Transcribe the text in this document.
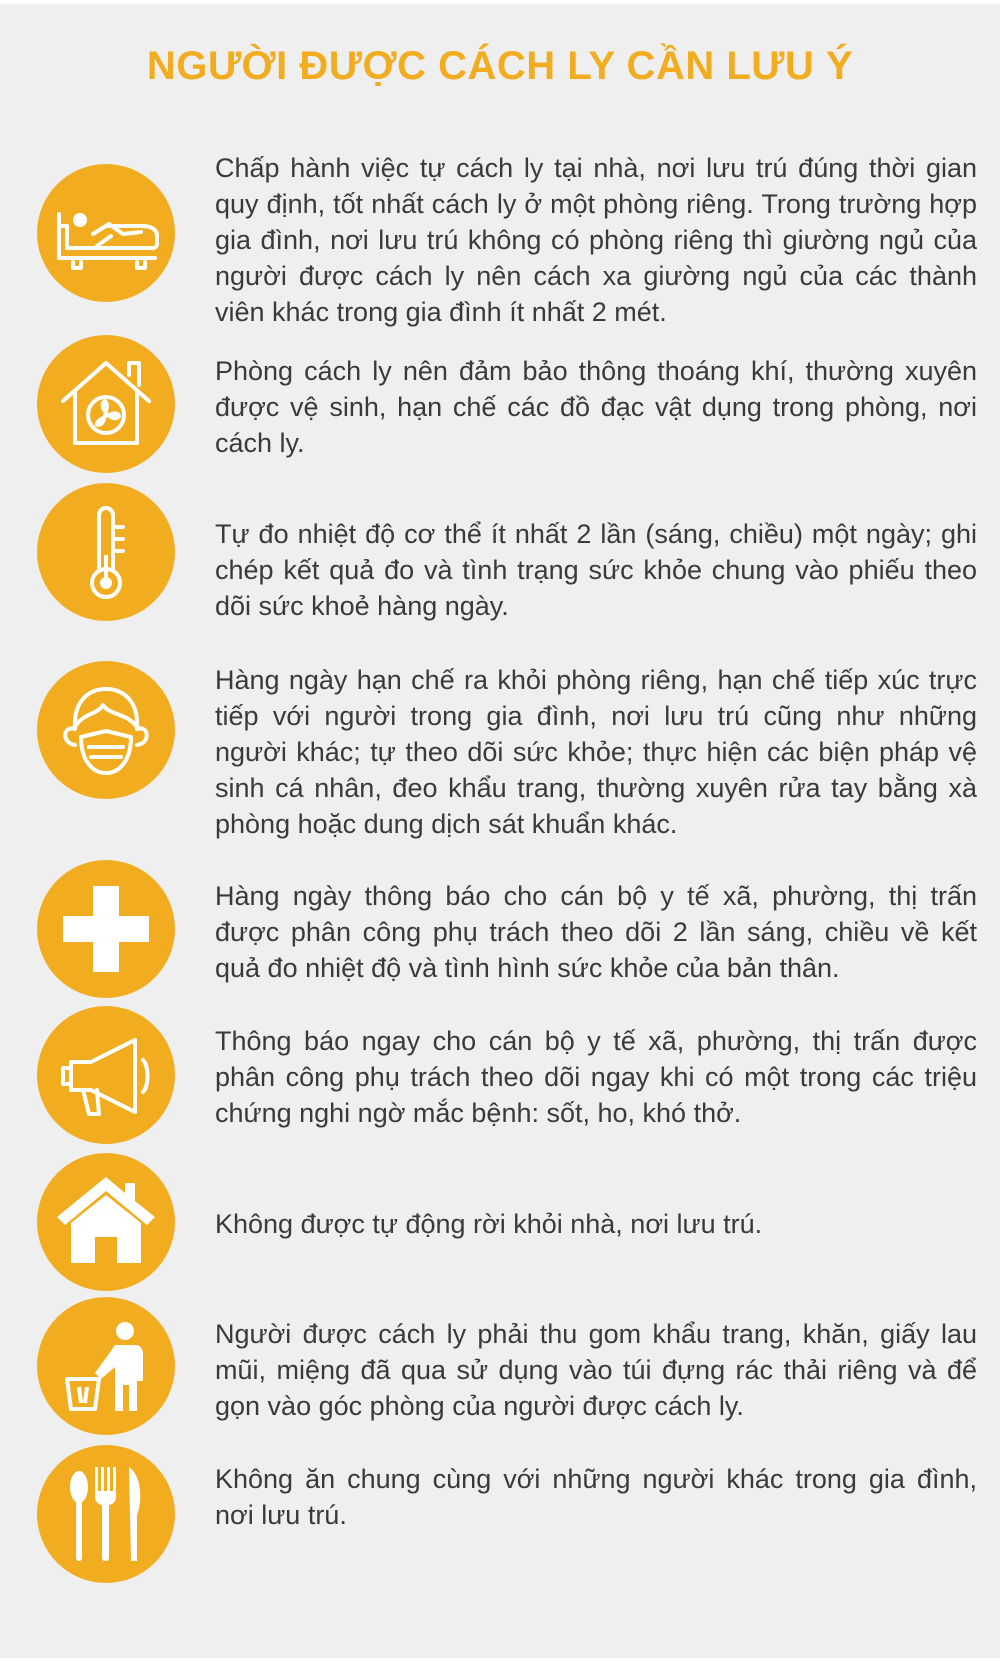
NGƯỜI ĐƯỢC CÁCH LY CẦN LƯU Ý

Chấp hành việc tự cách ly tại nhà, nơi lưu trú đúng thời gian quy định, tốt nhất cách ly ở một phòng riêng. Trong trường hợp gia đình, nơi lưu trú không có phòng riêng thì giường ngủ của người được cách ly nên cách xa giường ngủ của các thành viên khác trong gia đình ít nhất 2 mét.

Phòng cách ly nên đảm bảo thông thoáng khí, thường xuyên được vệ sinh, hạn chế các đồ đạc vật dụng trong phòng, nơi cách ly.

Tự đo nhiệt độ cơ thể ít nhất 2 lần (sáng, chiều) một ngày; ghi chép kết quả đo và tình trạng sức khỏe chung vào phiếu theo dõi sức khoẻ hàng ngày.

Hàng ngày hạn chế ra khỏi phòng riêng, hạn chế tiếp xúc trực tiếp với người trong gia đình, nơi lưu trú cũng như những người khác; tự theo dõi sức khỏe; thực hiện các biện pháp vệ sinh cá nhân, đeo khẩu trang, thường xuyên rửa tay bằng xà phòng hoặc dung dịch sát khuẩn khác.

Hàng ngày thông báo cho cán bộ y tế xã, phường, thị trấn được phân công phụ trách theo dõi 2 lần sáng, chiều về kết quả đo nhiệt độ và tình hình sức khỏe của bản thân.

Thông báo ngay cho cán bộ y tế xã, phường, thị trấn được phân công phụ trách theo dõi ngay khi có một trong các triệu chứng nghi ngờ mắc bệnh: sốt, ho, khó thở.

Không được tự động rời khỏi nhà, nơi lưu trú.

Người được cách ly phải thu gom khẩu trang, khăn, giấy lau mũi, miệng đã qua sử dụng vào túi đựng rác thải riêng và để gọn vào góc phòng của người được cách ly.

Không ăn chung cùng với những người khác trong gia đình, nơi lưu trú.
